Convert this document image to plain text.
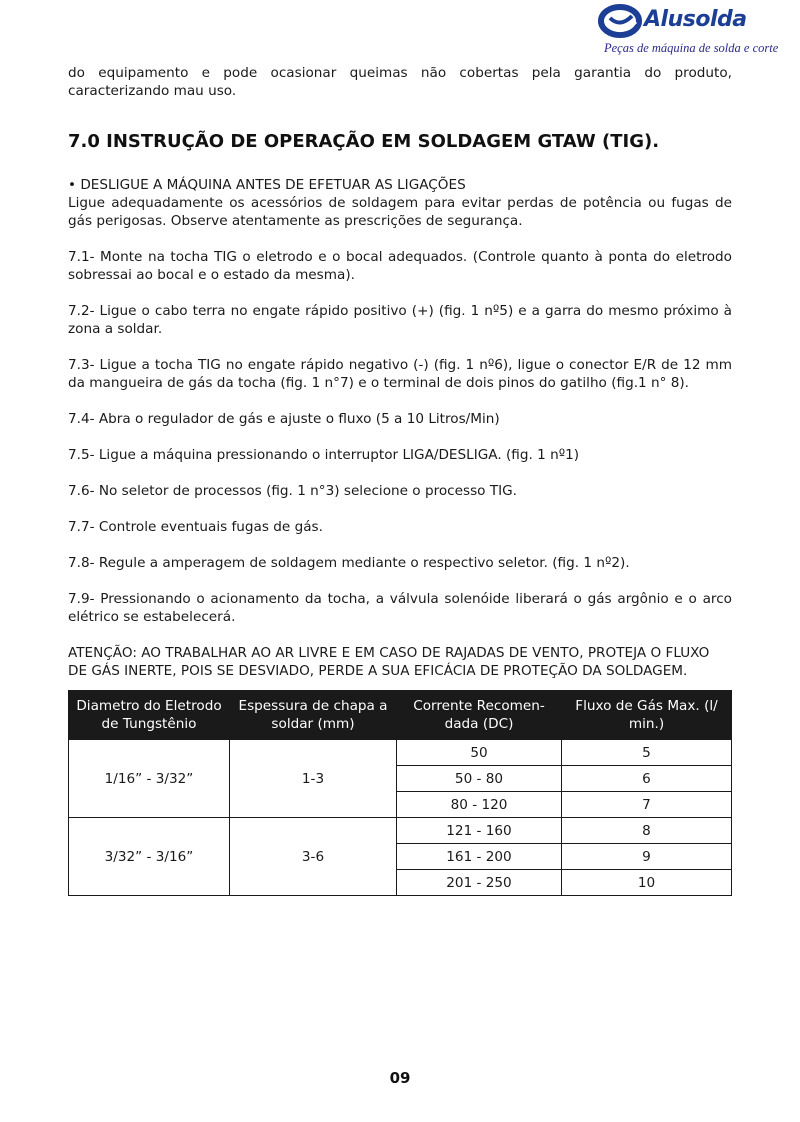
Alusolda
Peças de máquina de solda e corte

do equipamento e pode ocasionar queimas não cobertas pela garantia do produto, caracterizando mau uso.

7.0 INSTRUÇÃO DE OPERAÇÃO EM SOLDAGEM GTAW (TIG).

• DESLIGUE A MÁQUINA ANTES DE EFETUAR AS LIGAÇÕES

Ligue adequadamente os acessórios de soldagem para evitar perdas de potência ou fugas de gás perigosas. Observe atentamente as prescrições de segurança.

7.1- Monte na tocha TIG o eletrodo e o bocal adequados. (Controle quanto à ponta do eletrodo sobressai ao bocal e o estado da mesma).

7.2- Ligue o cabo terra no engate rápido positivo (+) (fig. 1 nº5) e a garra do mesmo próximo à zona a soldar.

7.3- Ligue a tocha TIG no engate rápido negativo (-) (fig. 1 nº6), ligue o conector E/R de 12 mm da mangueira de gás da tocha (fig. 1 n°7) e o terminal de dois pinos do gatilho (fig.1 n° 8).

7.4- Abra o regulador de gás e ajuste o fluxo (5 a 10 Litros/Min)

7.5- Ligue a máquina pressionando o interruptor LIGA/DESLIGA. (fig. 1 nº1)

7.6- No seletor de processos (fig. 1 n°3) selecione o processo TIG.

7.7- Controle eventuais fugas de gás.

7.8- Regule a amperagem de soldagem mediante o respectivo seletor. (fig. 1 nº2).

7.9- Pressionando o acionamento da tocha, a válvula solenóide liberará o gás argônio e o arco elétrico se estabelecerá.

ATENÇÃO: AO TRABALHAR AO AR LIVRE E EM CASO DE RAJADAS DE VENTO, PROTEJA O FLUXO DE GÁS INERTE, POIS SE DESVIADO, PERDE A SUA EFICÁCIA DE PROTEÇÃO DA SOLDAGEM.

Diametro do Eletrodo de Tungstênio	Espessura de chapa a soldar (mm)	Corrente Recomen-dada (DC)	Fluxo de Gás Max. (l/ min.)
1/16” - 3/32”	1-3	50	5
		50 - 80	6
		80 - 120	7
3/32” - 3/16”	3-6	121 - 160	8
		161 - 200	9
		201 - 250	10
09
